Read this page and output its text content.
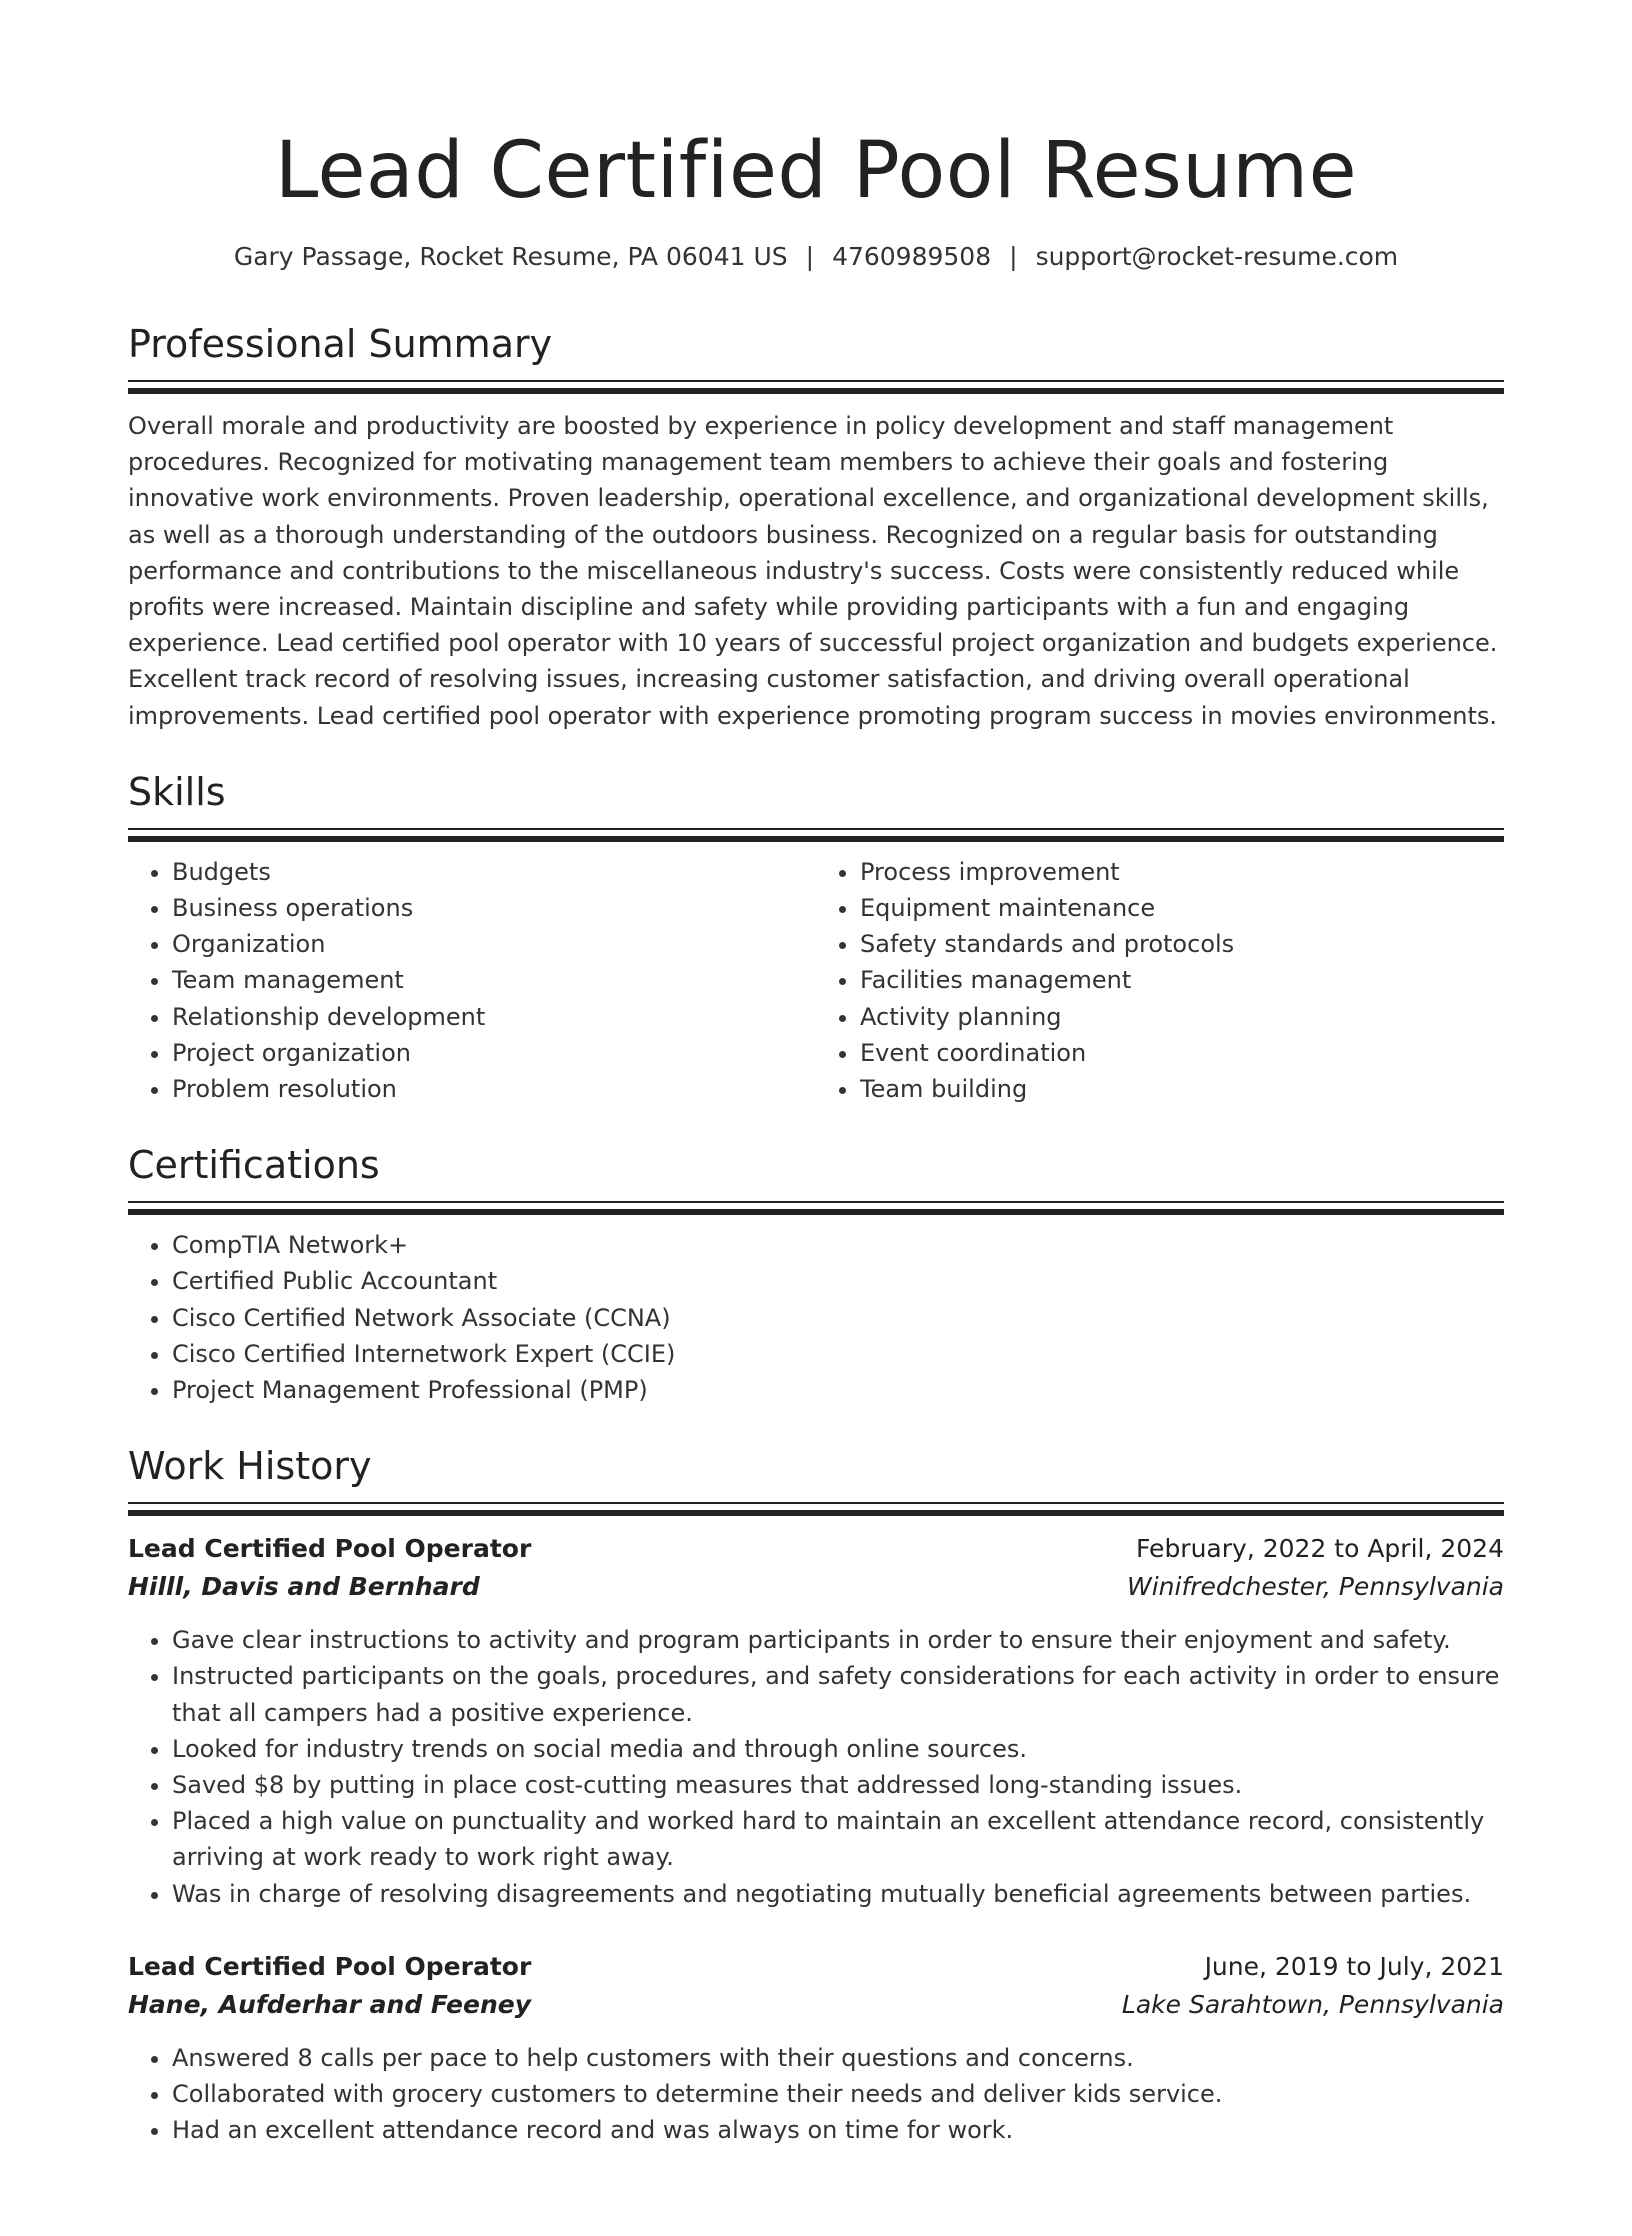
Lead Certified Pool Resume
Gary Passage, Rocket Resume, PA 06041 US | 4760989508 | support@rocket-resume.com
Professional Summary

Overall morale and productivity are boosted by experience in policy development and staff management procedures. Recognized for motivating management team members to achieve their goals and fostering innovative work environments. Proven leadership, operational excellence, and organizational development skills, as well as a thorough understanding of the outdoors business. Recognized on a regular basis for outstanding performance and contributions to the miscellaneous industry's success. Costs were consistently reduced while profits were increased. Maintain discipline and safety while providing participants with a fun and engaging experience. Lead certified pool operator with 10 years of successful project organization and budgets experience. Excellent track record of resolving issues, increasing customer satisfaction, and driving overall operational improvements. Lead certified pool operator with experience promoting program success in movies environments.

Skills
• Budgets
• Business operations
• Organization
• Team management
• Relationship development
• Project organization
• Problem resolution
• Process improvement
• Equipment maintenance
• Safety standards and protocols
• Facilities management
• Activity planning
• Event coordination
• Team building
Certifications
• CompTIA Network+
• Certified Public Accountant
• Cisco Certified Network Associate (CCNA)
• Cisco Certified Internetwork Expert (CCIE)
• Project Management Professional (PMP)
Work History
Lead Certified Pool Operator	February, 2022 to April, 2024
Hilll, Davis and Bernhard	Winifredchester, Pennsylvania
• Gave clear instructions to activity and program participants in order to ensure their enjoyment and safety.
• Instructed participants on the goals, procedures, and safety considerations for each activity in order to ensure that all campers had a positive experience.
• Looked for industry trends on social media and through online sources.
• Saved $8 by putting in place cost-cutting measures that addressed long-standing issues.
• Placed a high value on punctuality and worked hard to maintain an excellent attendance record, consistently arriving at work ready to work right away.
• Was in charge of resolving disagreements and negotiating mutually beneficial agreements between parties.
Lead Certified Pool Operator	June, 2019 to July, 2021
Hane, Aufderhar and Feeney	Lake Sarahtown, Pennsylvania
• Answered 8 calls per pace to help customers with their questions and concerns.
• Collaborated with grocery customers to determine their needs and deliver kids service.
• Had an excellent attendance record and was always on time for work.
